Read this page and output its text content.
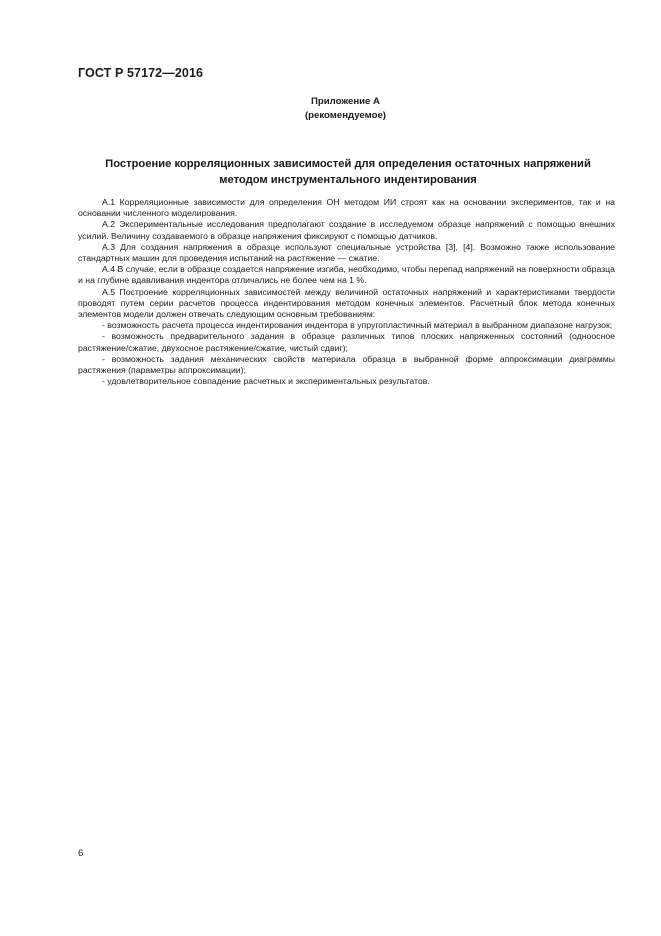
ГОСТ Р 57172—2016
Приложение А
(рекомендуемое)
Построение корреляционных зависимостей для определения остаточных напряжений
методом инструментального индентирования

А.1 Корреляционные зависимости для определения ОН методом ИИ строят как на основании экспериментов, так и на основании численного моделирования.

А.2 Экспериментальные исследования предполагают создание в исследуемом образце напряжений с помощью внешних усилий. Величину создаваемого в образце напряжения фиксируют с помощью датчиков.

А.3 Для создания напряжения в образце используют специальные устройства [3], [4]. Возможно также использование стандартных машин для проведения испытаний на растяжение — сжатие.

А.4 В случае, если в образце создается напряжение изгиба, необходимо, чтобы перепад напряжений на поверхности образца и на глубине вдавливания индентора отличались не более чем на 1 %.

А.5 Построение корреляционных зависимостей между величиной остаточных напряжений и характеристиками твердости проводят путем серии расчетов процесса индентирования методом конечных элементов. Расчетный блок метода конечных элементов модели должен отвечать следующим основным требованиям:

- возможность расчета процесса индентирования индентора в упругопластичный материал в выбранном диапазоне нагрузок;

- возможность предварительного задания в образце различных типов плоских напряженных состояний (одноосное растяжение/сжатие, двухосное растяжение/сжатие, чистый сдвиг);

- возможность задания механических свойств материала образца в выбранной форме аппроксимации диаграммы растяжения (параметры аппроксимации);

- удовлетворительное совпадение расчетных и экспериментальных результатов.

6
